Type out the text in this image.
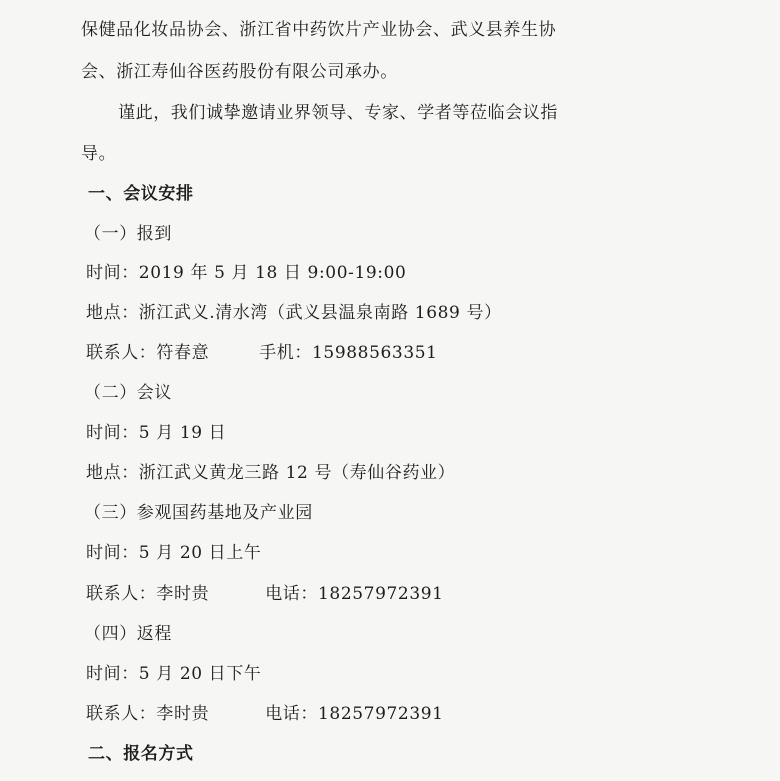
保健品化妆品协会、浙江省中药饮片产业协会、武义县养生协
会、浙江寿仙谷医药股份有限公司承办。
谨此，我们诚挚邀请业界领导、专家、学者等莅临会议指
导。
一、会议安排
（一）报到
时间：2019 年 5 月 18 日 9:00-19:00
地点：浙江武义.清水湾（武义县温泉南路 1689 号）
联系人：符春意	手机：15988563351
（二）会议
时间：5 月 19 日
地点：浙江武义黄龙三路 12 号（寿仙谷药业）
（三）参观国药基地及产业园
时间：5 月 20 日上午
联系人：李时贵	电话：18257972391
（四）返程
时间：5 月 20 日下午
联系人：李时贵	电话：18257972391
二、报名方式
